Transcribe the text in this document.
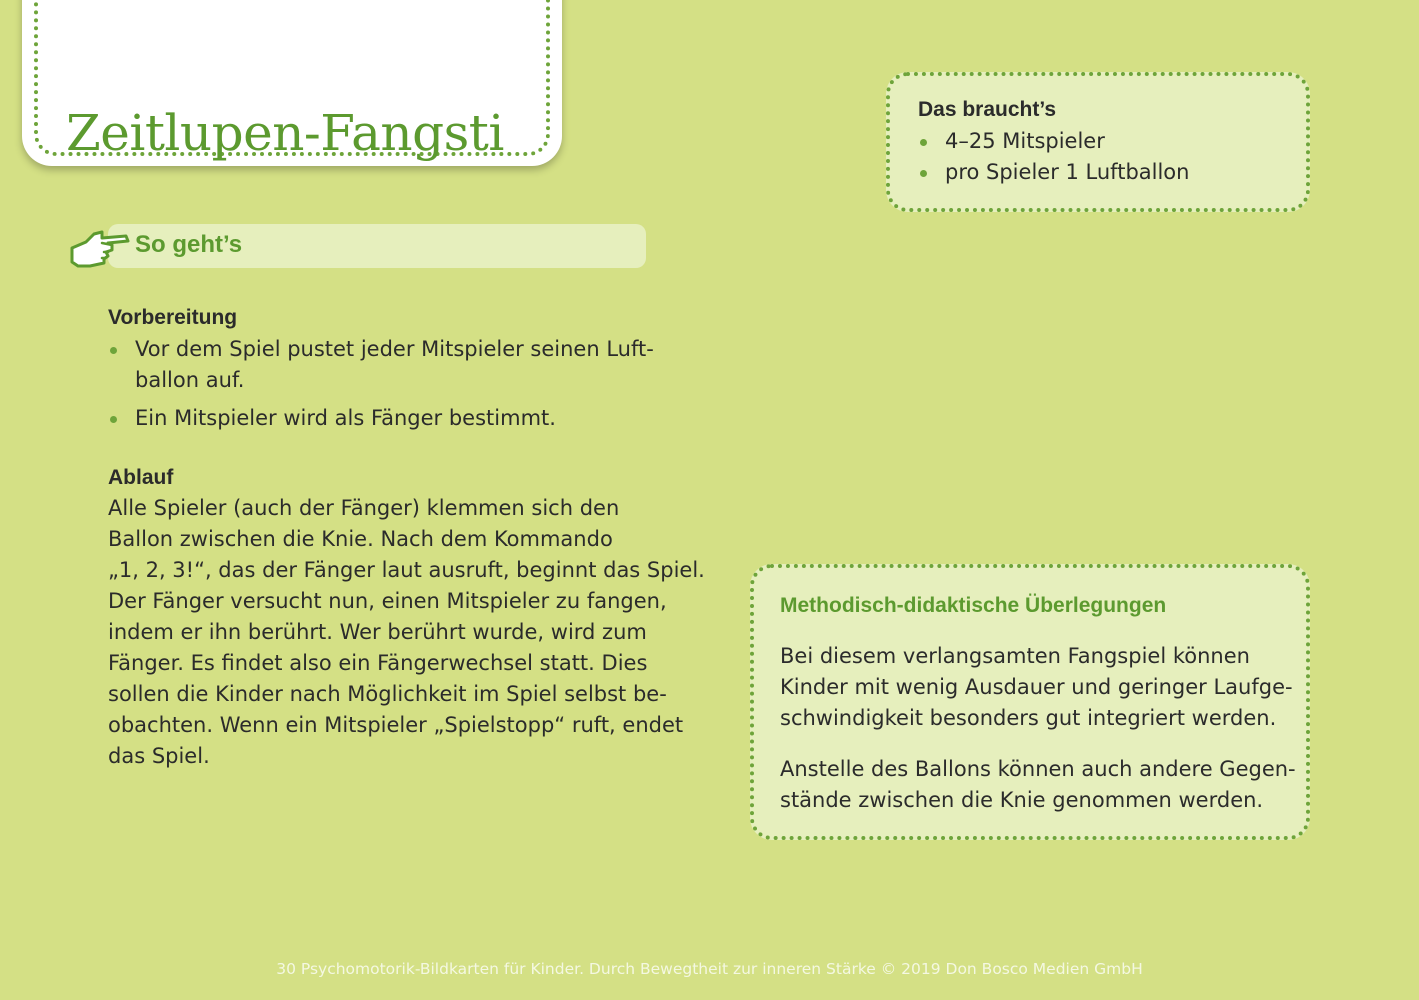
Zeitlupen-Fangsti	Das braucht’s

4–25 Mitspieler
pro Spieler 1 Luftballon
So geht’s

Vorbereitung

Vor dem Spiel pustet jeder Mitspieler seinen Luft-
ballon auf.
Ein Mitspieler wird als Fänger bestimmt.

Ablauf

Alle Spieler (auch der Fänger) klemmen sich den
Ballon zwischen die Knie. Nach dem Kommando
„1, 2, 3!“, das der Fänger laut ausruft, beginnt das Spiel.
Der Fänger versucht nun, einen Mitspieler zu fangen,
indem er ihn berührt. Wer berührt wurde, wird zum
Fänger. Es findet also ein Fängerwechsel statt. Dies
sollen die Kinder nach Möglichkeit im Spiel selbst be-
obachten. Wenn ein Mitspieler „Spielstopp“ ruft, endet
das Spiel.

Methodisch-didaktische Überlegungen

Bei diesem verlangsamten Fangspiel können
Kinder mit wenig Ausdauer und geringer Laufge-
schwindigkeit besonders gut integriert werden.

Anstelle des Ballons können auch andere Gegen-
stände zwischen die Knie genommen werden.

30 Psychomotorik-Bildkarten für Kinder. Durch Bewegtheit zur inneren Stärke © 2019 Don Bosco Medien GmbH
